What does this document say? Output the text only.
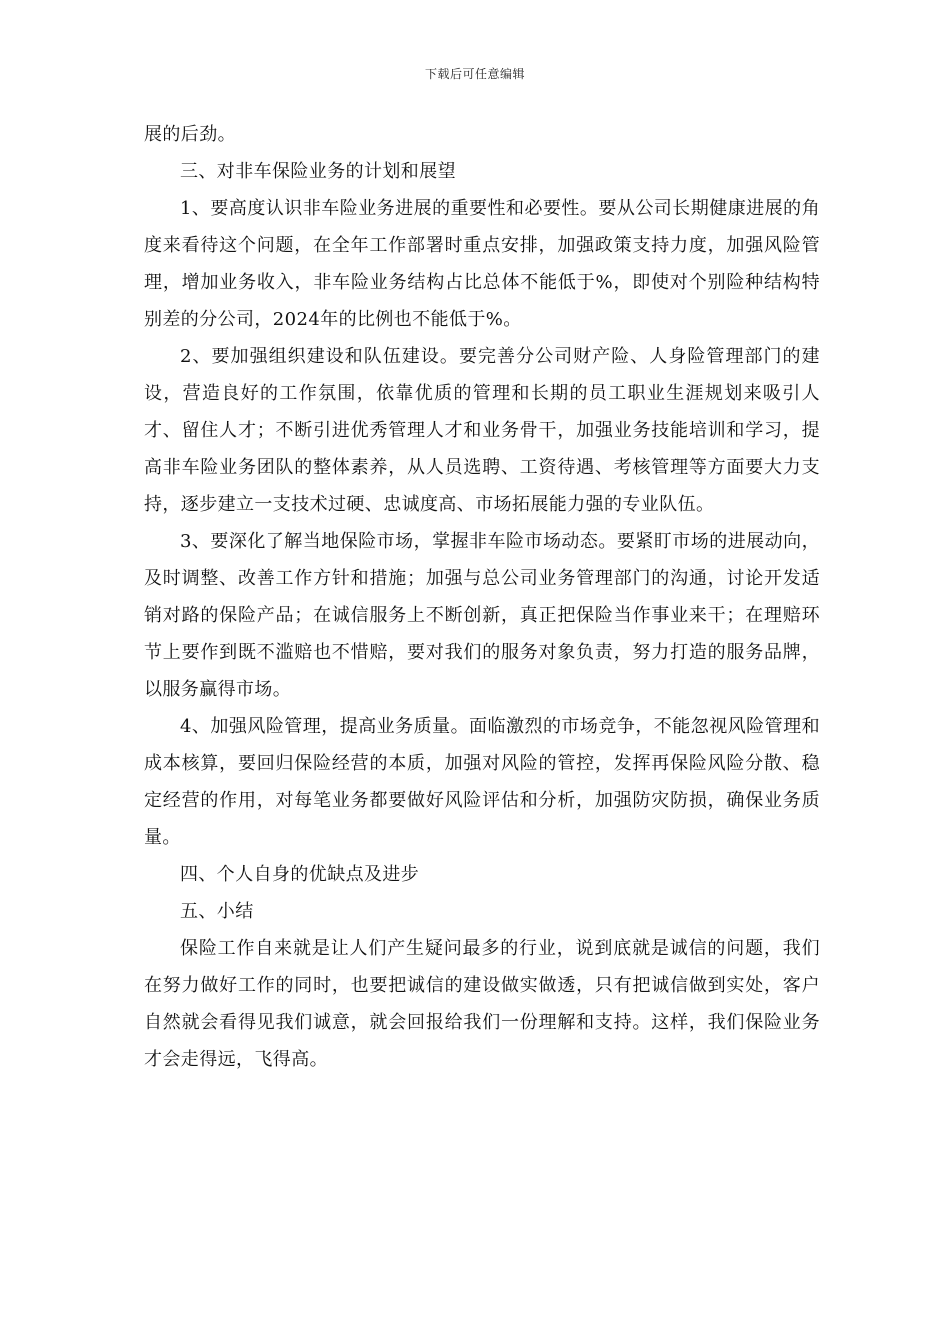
下载后可任意编辑

展的后劲。

三、对非车保险业务的计划和展望

1、要高度认识非车险业务进展的重要性和必要性。要从公司长期健康进展的角度来看待这个问题，在全年工作部署时重点安排，加强政策支持力度，加强风险管理，增加业务收入，非车险业务结构占比总体不能低于%，即使对个别险种结构特别差的分公司，2024年的比例也不能低于%。

2、要加强组织建设和队伍建设。要完善分公司财产险、人身险管理部门的建设，营造良好的工作氛围，依靠优质的管理和长期的员工职业生涯规划来吸引人才、留住人才；不断引进优秀管理人才和业务骨干，加强业务技能培训和学习，提高非车险业务团队的整体素养，从人员选聘、工资待遇、考核管理等方面要大力支持，逐步建立一支技术过硬、忠诚度高、市场拓展能力强的专业队伍。

3、要深化了解当地保险市场，掌握非车险市场动态。要紧盯市场的进展动向，及时调整、改善工作方针和措施；加强与总公司业务管理部门的沟通，讨论开发适销对路的保险产品；在诚信服务上不断创新，真正把保险当作事业来干；在理赔环节上要作到既不滥赔也不惜赔，要对我们的服务对象负责，努力打造的服务品牌，以服务赢得市场。

4、加强风险管理，提高业务质量。面临激烈的市场竞争，不能忽视风险管理和成本核算，要回归保险经营的本质，加强对风险的管控，发挥再保险风险分散、稳定经营的作用，对每笔业务都要做好风险评估和分析，加强防灾防损，确保业务质量。

四、个人自身的优缺点及进步

五、小结

保险工作自来就是让人们产生疑问最多的行业，说到底就是诚信的问题，我们在努力做好工作的同时，也要把诚信的建设做实做透，只有把诚信做到实处，客户自然就会看得见我们诚意，就会回报给我们一份理解和支持。这样，我们保险业务才会走得远，飞得高。
